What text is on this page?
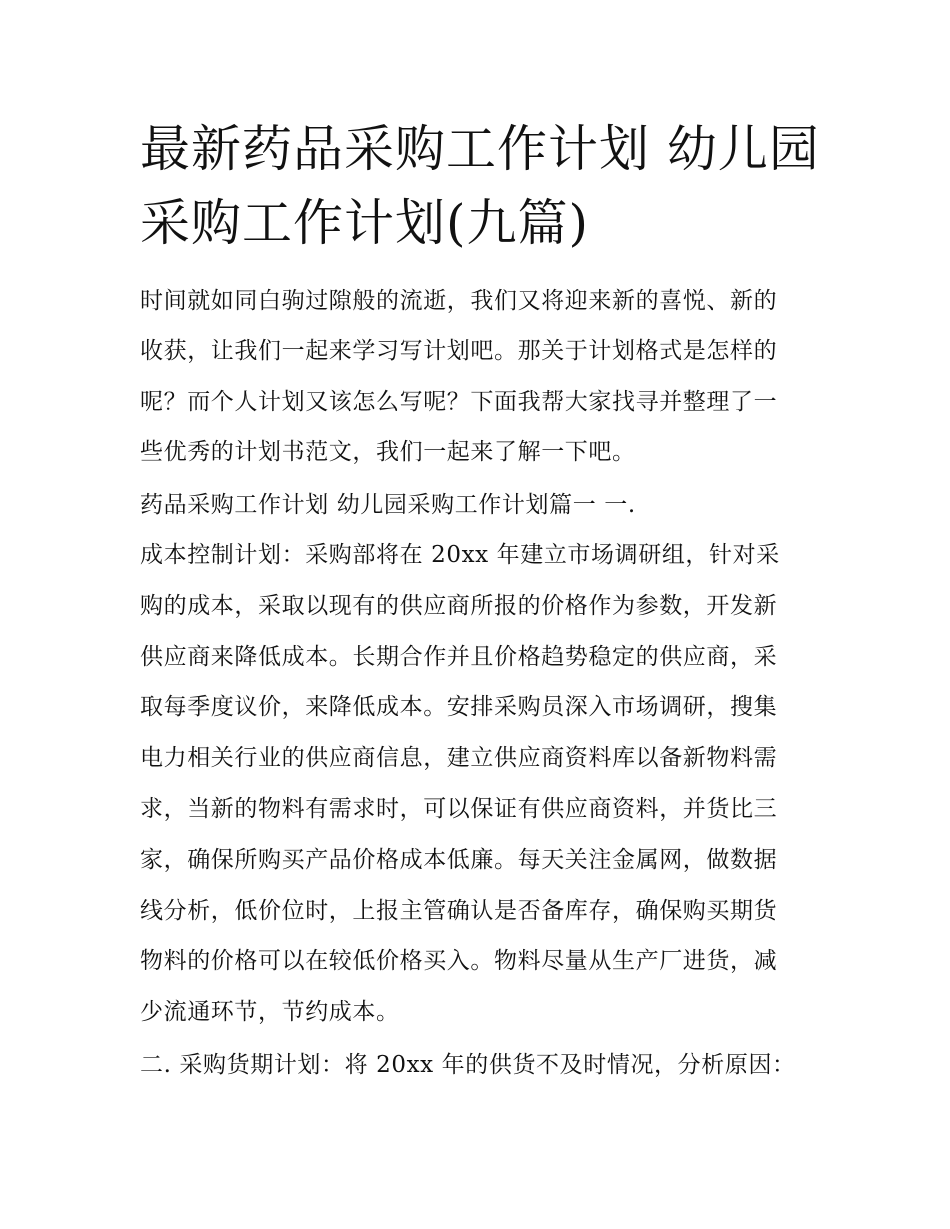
最新药品采购工作计划 幼儿园
采购工作计划(九篇)
时间就如同白驹过隙般的流逝，我们又将迎来新的喜悦、新的
收获，让我们一起来学习写计划吧。那关于计划格式是怎样的
呢？而个人计划又该怎么写呢？下面我帮大家找寻并整理了一
些优秀的计划书范文，我们一起来了解一下吧。
药品采购工作计划 幼儿园采购工作计划篇一 一.
成本控制计划：采购部将在 20xx 年建立市场调研组，针对采
购的成本，采取以现有的供应商所报的价格作为参数，开发新
供应商来降低成本。长期合作并且价格趋势稳定的供应商，采
取每季度议价，来降低成本。安排采购员深入市场调研，搜集
电力相关行业的供应商信息，建立供应商资料库以备新物料需
求，当新的物料有需求时，可以保证有供应商资料，并货比三
家，确保所购买产品价格成本低廉。每天关注金属网，做数据
线分析，低价位时，上报主管确认是否备库存，确保购买期货
物料的价格可以在较低价格买入。物料尽量从生产厂进货，减
少流通环节，节约成本。
二. 采购货期计划：将 20xx 年的供货不及时情况，分析原因：
